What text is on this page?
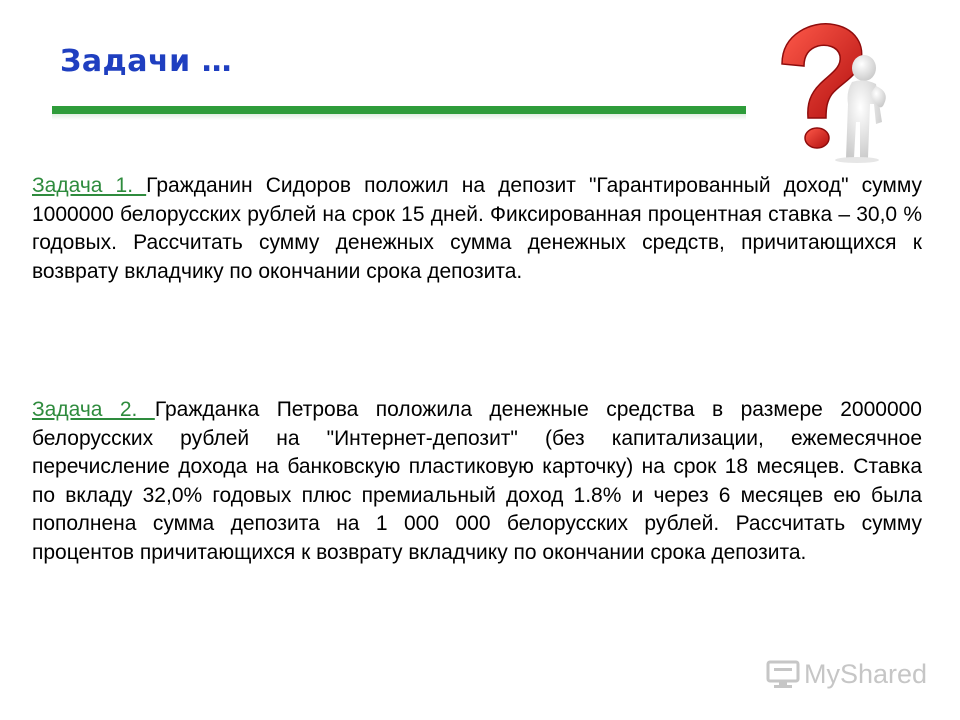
Задачи …

Задача 1. Гражданин Сидоров положил на депозит "Гарантированный доход" сумму 1000000 белорусских рублей на срок 15 дней. Фиксированная процентная ставка – 30,0 % годовых. Рассчитать сумму денежных сумма денежных средств, причитающихся к возврату вкладчику по окончании срока депозита.

Задача 2. Гражданка Петрова положила денежные средства в размере 2000000 белорусских рублей на "Интернет-депозит" (без капитализации, ежемесячное перечисление дохода на банковскую пластиковую карточку) на срок 18 месяцев. Ставка по вкладу 32,0% годовых плюс премиальный доход 1.8% и через 6 месяцев ею была пополнена сумма депозита на 1 000 000 белорусских рублей. Рассчитать сумму процентов причитающихся к возврату вкладчику по окончании срока депозита.

MyShared
